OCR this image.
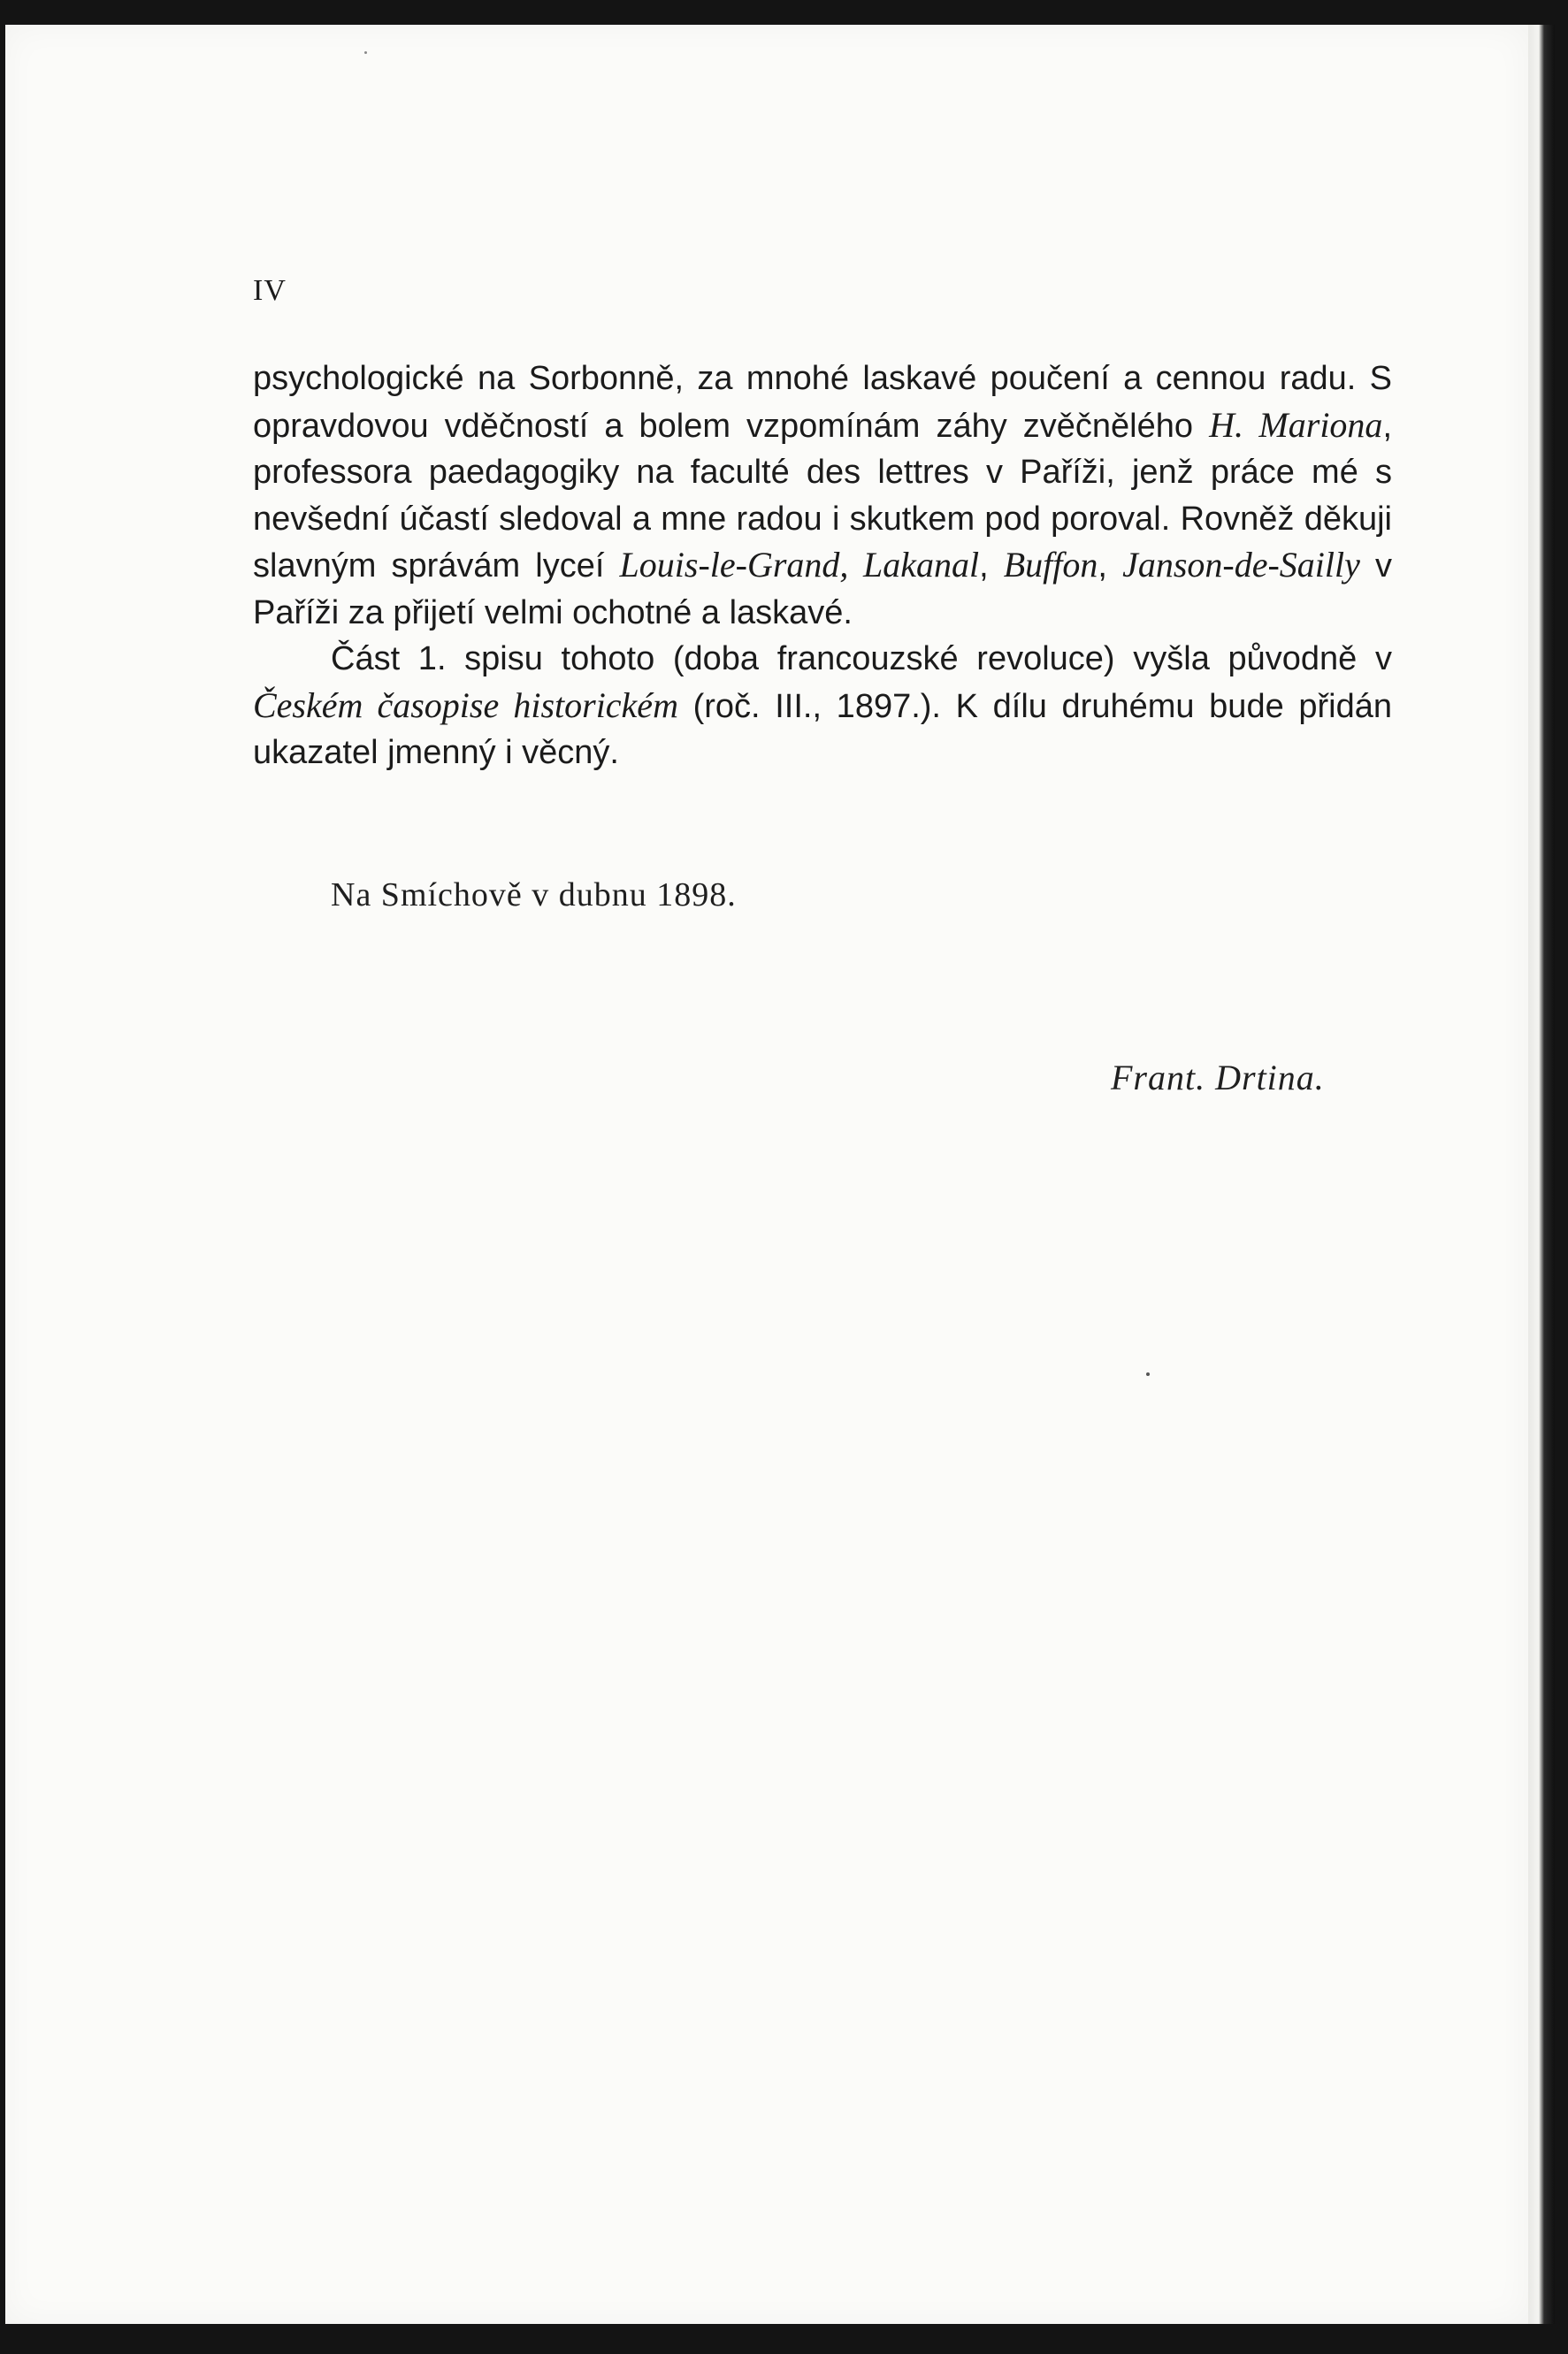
IV

psychologické na Sorbonně, za mnohé laskavé poučení a cennou radu. S opravdovou vděčností a bolem vzpomínám záhy zvěčnělého H. Mariona, professora paedagogiky na faculté des lettres v Paříži, jenž práce mé s nevšední účastí sledoval a mne radou i skutkem pod poroval. Rovněž děkuji slavným správám lyceí Louis-le-Grand, Lakanal, Buffon, Janson-de-Sailly v Paříži za přijetí velmi ochotné a laskavé.

Část 1. spisu tohoto (doba francouzské revoluce) vyšla původně v Českém časopise historickém (roč. III., 1897.). K dílu druhému bude přidán ukazatel jmenný i věcný.

Na Smíchově v dubnu 1898.
Frant. Drtina.
